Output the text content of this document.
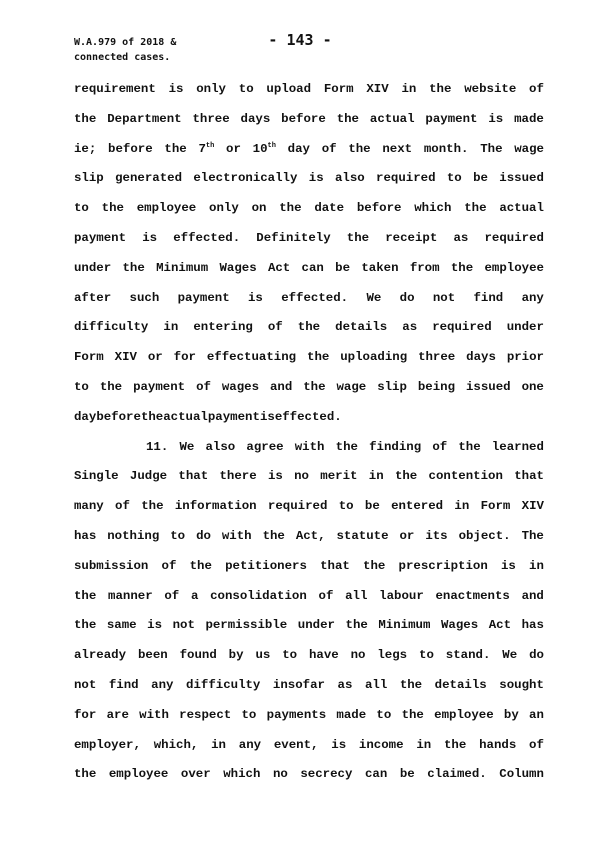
W.A.979 of 2018 &
connected cases.
- 143 -
requirement is only to upload Form XIV in the website of
the Department three days before the actual payment is made
ie; before the 7th or 10th day of the next month. The wage
slip generated electronically is also required to be issued
to the employee only on the date before which the actual
payment is effected. Definitely the receipt as required
under the Minimum Wages Act can be taken from the employee
after such payment is effected. We do not find any
difficulty in entering of the details as required under
Form XIV or for effectuating the uploading three days prior
to the payment of wages and the wage slip being issued one
day before the actual payment is effected.
11. We also agree with the finding of the learned
Single Judge that there is no merit in the contention that
many of the information required to be entered in Form XIV
has nothing to do with the Act, statute or its object. The
submission of the petitioners that the prescription is in
the manner of a consolidation of all labour enactments and
the same is not permissible under the Minimum Wages Act has
already been found by us to have no legs to stand. We do
not find any difficulty insofar as all the details sought
for are with respect to payments made to the employee by an
employer, which, in any event, is income in the hands of
the employee over which no secrecy can be claimed. Column
